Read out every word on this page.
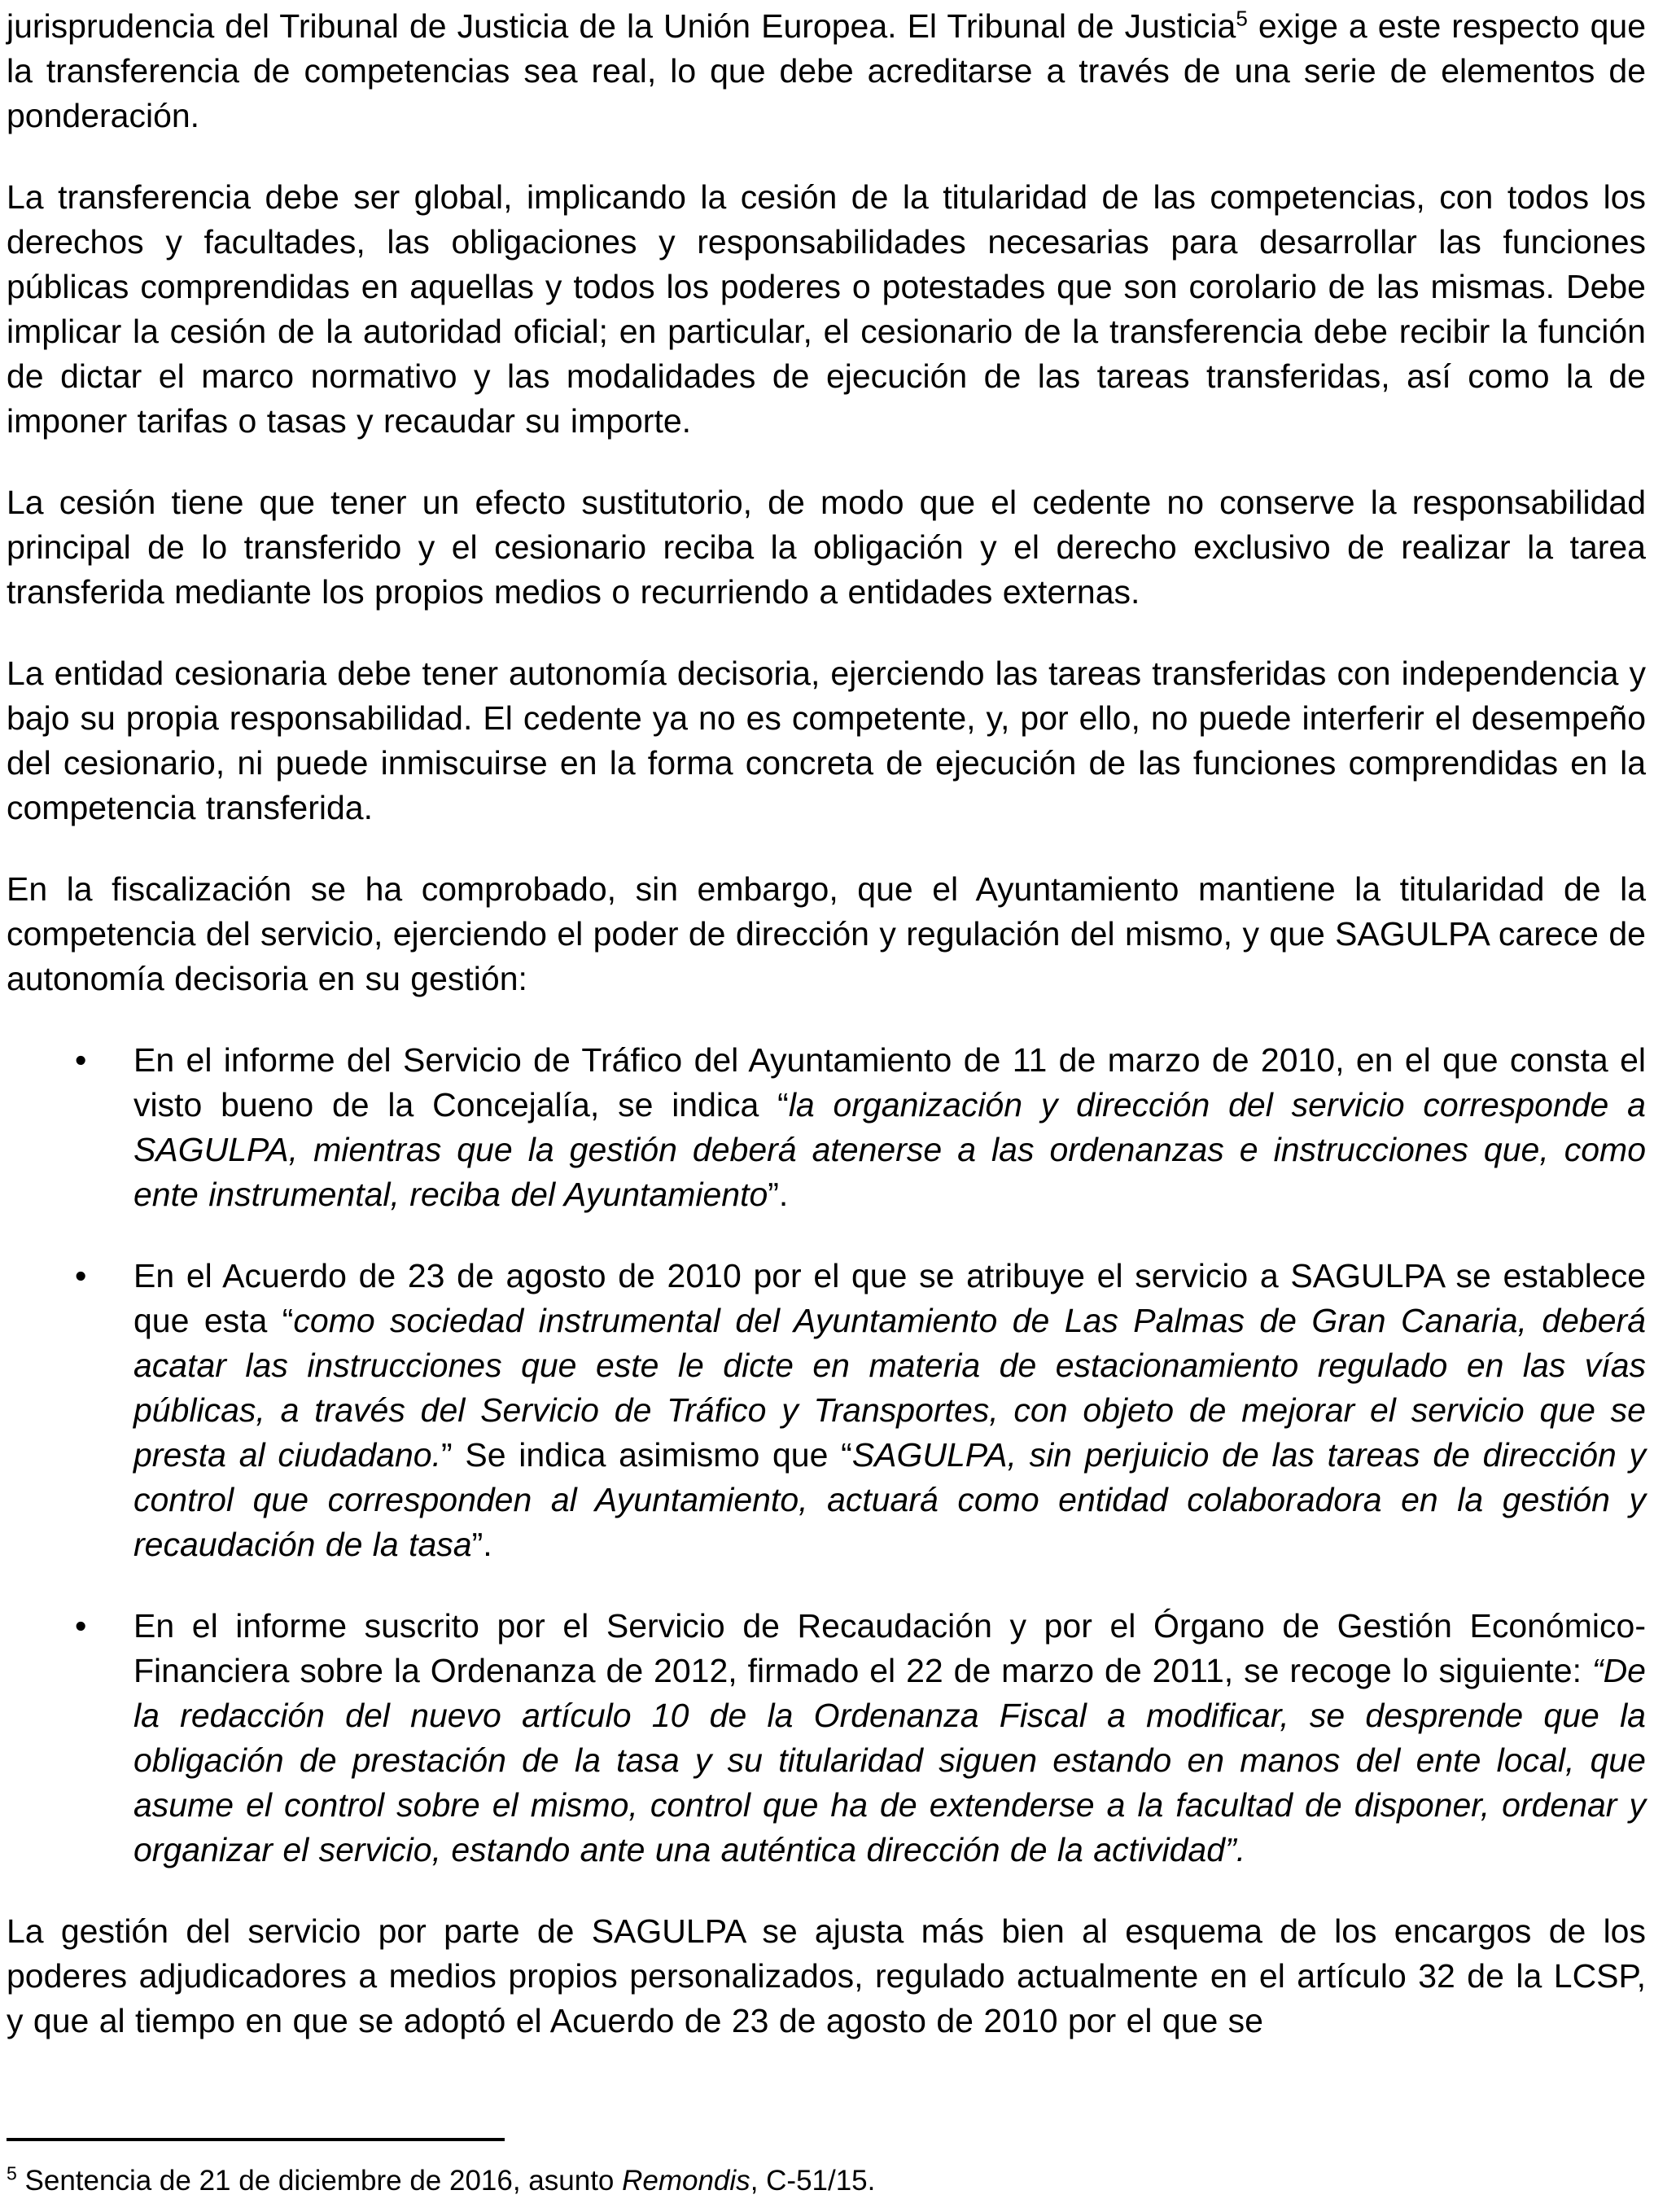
jurisprudencia del Tribunal de Justicia de la Unión Europea. El Tribunal de Justicia$^5$ exige a este respecto que la transferencia de competencias sea real, lo que debe acreditarse a través de una serie de elementos de ponderación.

La transferencia debe ser global, implicando la cesión de la titularidad de las competencias, con todos los derechos y facultades, las obligaciones y responsabilidades necesarias para desarrollar las funciones públicas comprendidas en aquellas y todos los poderes o potestades que son corolario de las mismas. Debe implicar la cesión de la autoridad oficial; en particular, el cesionario de la transferencia debe recibir la función de dictar el marco normativo y las modalidades de ejecución de las tareas transferidas, así como la de imponer tarifas o tasas y recaudar su importe.

La cesión tiene que tener un efecto sustitutorio, de modo que el cedente no conserve la responsabilidad principal de lo transferido y el cesionario reciba la obligación y el derecho exclusivo de realizar la tarea transferida mediante los propios medios o recurriendo a entidades externas.

La entidad cesionaria debe tener autonomía decisoria, ejerciendo las tareas transferidas con independencia y bajo su propia responsabilidad. El cedente ya no es competente, y, por ello, no puede interferir el desempeño del cesionario, ni puede inmiscuirse en la forma concreta de ejecución de las funciones comprendidas en la competencia transferida.

En la fiscalización se ha comprobado, sin embargo, que el Ayuntamiento mantiene la titularidad de la competencia del servicio, ejerciendo el poder de dirección y regulación del mismo, y que SAGULPA carece de autonomía decisoria en su gestión:

•	En el informe del Servicio de Tráfico del Ayuntamiento de 11 de marzo de 2010, en el que consta el visto bueno de la Concejalía, se indica “la organización y dirección del servicio corresponde a SAGULPA, mientras que la gestión deberá atenerse a las ordenanzas e instrucciones que, como ente instrumental, reciba del Ayuntamiento”.
•	En el Acuerdo de 23 de agosto de 2010 por el que se atribuye el servicio a SAGULPA se establece que esta “como sociedad instrumental del Ayuntamiento de Las Palmas de Gran Canaria, deberá acatar las instrucciones que este le dicte en materia de estacionamiento regulado en las vías públicas, a través del Servicio de Tráfico y Transportes, con objeto de mejorar el servicio que se presta al ciudadano.” Se indica asimismo que “SAGULPA, sin perjuicio de las tareas de dirección y control que corresponden al Ayuntamiento, actuará como entidad colaboradora en la gestión y recaudación de la tasa”.
•	En el informe suscrito por el Servicio de Recaudación y por el Órgano de Gestión Económico-Financiera sobre la Ordenanza de 2012, firmado el 22 de marzo de 2011, se recoge lo siguiente: “De la redacción del nuevo artículo 10 de la Ordenanza Fiscal a modificar, se desprende que la obligación de prestación de la tasa y su titularidad siguen estando en manos del ente local, que asume el control sobre el mismo, control que ha de extenderse a la facultad de disponer, ordenar y organizar el servicio, estando ante una auténtica dirección de la actividad”.

La gestión del servicio por parte de SAGULPA se ajusta más bien al esquema de los encargos de los poderes adjudicadores a medios propios personalizados, regulado actualmente en el artículo 32 de la LCSP, y que al tiempo en que se adoptó el Acuerdo de 23 de agosto de 2010 por el que se

$^5$ Sentencia de 21 de diciembre de 2016, asunto Remondis, C-51/15.
